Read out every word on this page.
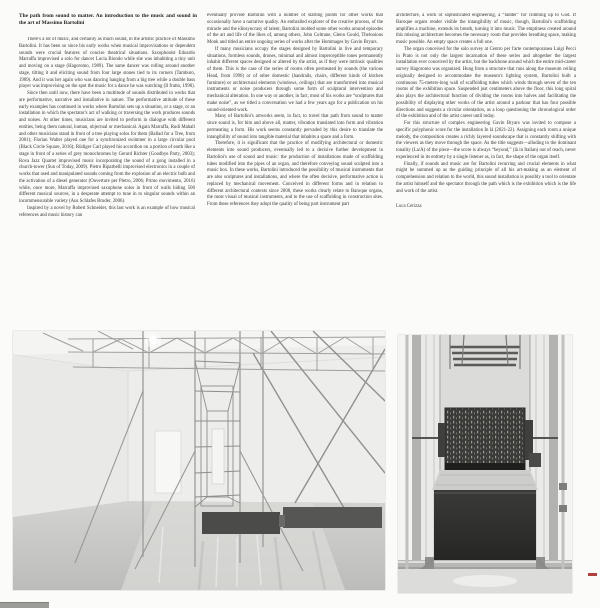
The path from sound to matter. An introduction to the music and sound in the art of Massimo Bartolini

There's a lot of music, and certainly as much sound, in the artistic practice of Massimo Bartolini. It has been so since his early works when musical improvisations or dependent sounds were crucial features of concise theatrical situations. Saxophonist Edoardo Marraffa improvised a solo for dancer Lucia Biondo while she was inhabiting a tiny unit and moving on a stage (Hagoromo, 1989). The same dancer was rolling around another stage, tilting it and eliciting sound from four large stones tied to its corners (Tamburo, 1989). And it was her again who was dancing hanging from a big tree while a double bass player was improvising on the spot the music for a dance he was watching (Il frutto, 1990).

Since then until now, there have been a multitude of sounds distributed in works that are performative, narrative and installative in nature. The performative attitude of these early examples has continued in works where Bartolini sets up a situation, or a stage, or an installation in which the spectator's act of walking or traversing the work produces sounds and noises. At other times, musicians are invited to perform in dialogue with different entities, being them natural, human, objectual or mechanical. Again Marraffa, Rudi Mahall and other musicians stand in front of a tree playing solos for them (Ballad for a Tree, from 2001); Florian Walter played one for a synchronized swimmer in a large circular pool (Black Circle Square, 2016); Rüdiger Carl played his accordion on a portion of earth like a stage in front of a series of grey monochromes by Gerard Richter (Goodbye Party, 2003); Rova Jazz Quartet improvised music incorporating the sound of a gong installed in a church-tower (Sun of Today, 2009). Pietro Riparbelli improvised electronics in a couple of works that used and manipulated sounds coming from the explosion of an electric bulb and the activation of a diesel generator (Ouverture per Pietro, 2006; Primo movimento, 2016) while, once more, Marraffa improvised saxophone solos in front of walls hiding 500 different musical sources, in a desperate attempt to tune in to singular sounds within an incommensurable variety (Aus Schlafes Bruder, 2006).

Inspired by a novel by Robert Schneider, this last work is an example of how musical references and music history can

eventually provide Bartolini with a number of starting points for other works that occasionally have a narrative quality. An enthralled explorer of the creative process, of the miracle and the idiosyncrasy of talent, Bartolini molded some other works around episodes of the art and life of the likes of, among others, John Coltrane, Glenn Gould, Thelonious Monk and titled an entire ongoing series of works after the Hommages by Gavin Bryars.

If many musicians occupy the stages designed by Bartolini in live and temporary situations, formless sounds, drones, minimal and almost imperceptible tones permanently inhabit different spaces designed or altered by the artist, as if they were intrinsic qualities of them. This is the case of the series of rooms often permeated by sounds (the various Head, from 1996) or of other domestic (handrails, chairs, different kinds of kitchen furniture) or architectural elements (windows, ceilings) that are transformed into musical instruments or noise producers through some form of sculptural intervention and mechanical alteration. In one way or another, in fact, most of his works are “sculptures that make noise”, as we titled a conversation we had a few years ago for a publication on his sound-oriented work.

Many of Bartolini's artworks seem, in fact, to travel that path from sound to matter since sound is, for him and above all, matter, vibration translated into form and vibration permeating a form. His work seems constantly pervaded by this desire to translate the intangibility of sound into tangible material that inhabits a space and a form.

Therefore, it is significant that the practice of modifying architectural or domestic elements into sound producers, eventually led to a decisive further development in Bartolini's use of sound and music: the production of installations made of scaffolding tubes modified into the pipes of an organ, and therefore conveying sound sculpted into a music box. In these works, Bartolini introduced the possibility of musical instruments that are also sculptures and installations, and where the often decisive, performative action is replaced by mechanical movement. Conceived in different forms and in relation to different architectural contexts since 2008, these works clearly relate to Baroque organs, the most visual of musical instruments, and to the use of scaffolding in construction sites. From these references they adopt the quality of being part instrument part

architecture, a work of sophisticated engineering, a “ladder” for climbing up to God. If Baroque organs render visible the intangibility of music, though, Bartolini's scaffolding amplifies a machine, extends its breath, turning it into music. The emptiness created around this missing architecture becomes the necessary room that provides breathing space, making music possible. An empty space creates a full one.

The organ conceived for the solo survey at Centro per l'arte contemporanea Luigi Pecci in Prato is not only the largest incarnation of these series and altogether the largest installation ever conceived by the artist, but the backbone around which the entire mid-career survey Hagoromo was organized. Hung from a structure that runs along the museum ceiling originally designed to accommodate the museum's lighting system, Bartolini built a continuous 75-meters-long wall of scaffolding tubes which winds through seven of the ten rooms of the exhibition space. Suspended just centimeters above the floor, this long spiral also plays the architectural function of dividing the rooms into halves and facilitating the possibility of displaying other works of the artist around a parkour that has four possible directions and suggests a circular orientation, as a loop questioning the chronological order of the exhibition and of the artist career until today.

For this structure of complex engineering Gavin Bryars was invited to compose a specific polyphonic score for the installation In là (2021-22). Assigning each room a unique melody, the composition creates a richly layered soundscape that is constantly shifting with the viewers as they move through the space. As the title suggests—alluding to the dominant tonality (La/A) of the piece—the score is always “beyond,” (là in Italian) out of reach, never experienced in its entirety by a single listener as, in fact, the shape of the organ itself.

Finally, if sounds and music are for Bartolini recurring and crucial elements in what might be summed up as the guiding principle of all his art-making as an element of comprehension and relation to the world, this sound installation is possibly a tool to orientate the artist himself and the spectator through the path which is the exhibition which is the life and work of the artist.

Luca Cerizza
